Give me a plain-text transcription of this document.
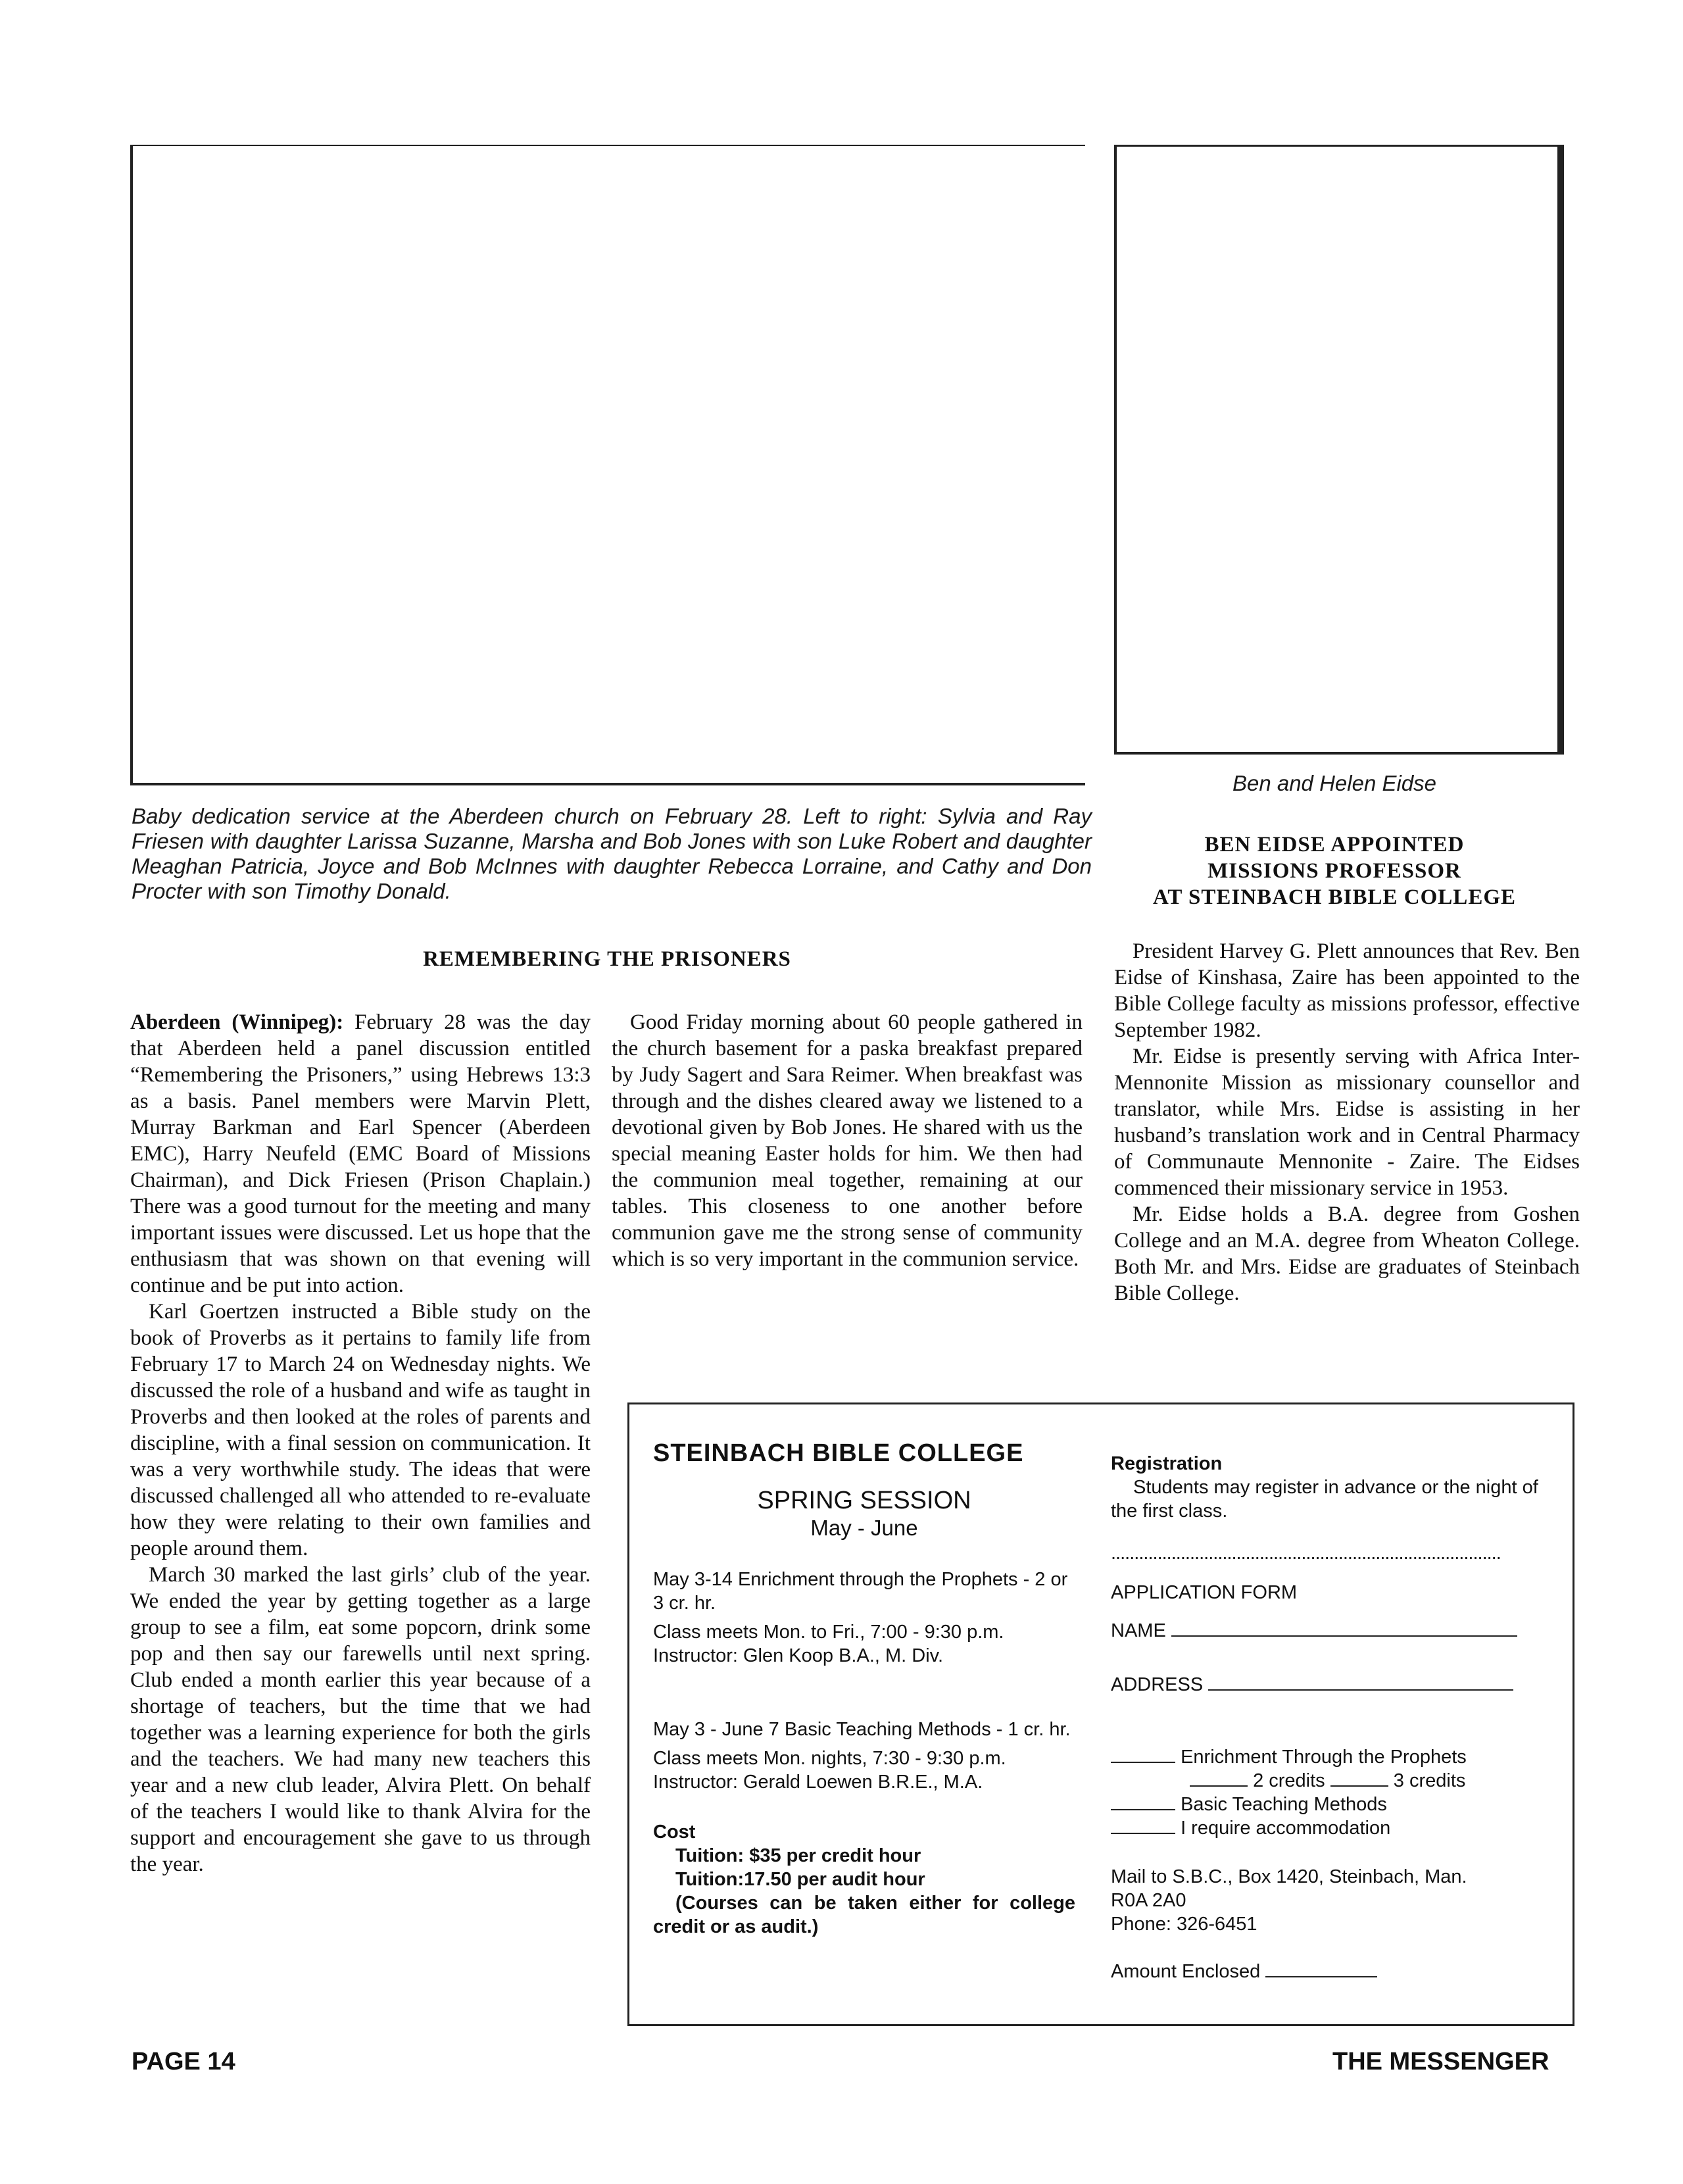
Baby dedication service at the Aberdeen church on February 28. Left to right: Sylvia and Ray Friesen with daughter Larissa Suzanne, Marsha and Bob Jones with son Luke Robert and daughter Meaghan Patricia, Joyce and Bob McInnes with daughter Rebecca Lorraine, and Cathy and Don Procter with son Timothy Donald.
Ben and Helen Eidse
BEN EIDSE APPOINTED
MISSIONS PROFESSOR
AT STEINBACH BIBLE COLLEGE
REMEMBERING THE PRISONERS

Aberdeen (Winnipeg): February 28 was the day that Aberdeen held a panel discussion entitled “Remembering the Prisoners,” using Hebrews 13:3 as a basis. Panel members were Marvin Plett, Murray Barkman and Earl Spencer (Aberdeen EMC), Harry Neufeld (EMC Board of Missions Chairman), and Dick Friesen (Prison Chaplain.) There was a good turnout for the meeting and many important issues were discussed. Let us hope that the enthusiasm that was shown on that evening will continue and be put into action.

Karl Goertzen instructed a Bible study on the book of Proverbs as it pertains to family life from February 17 to March 24 on Wednesday nights. We discussed the role of a husband and wife as taught in Proverbs and then looked at the roles of parents and discipline, with a final session on communication. It was a very worthwhile study. The ideas that were discussed challenged all who attended to re-evaluate how they were relating to their own families and people around them.

March 30 marked the last girls’ club of the year. We ended the year by getting together as a large group to see a film, eat some popcorn, drink some pop and then say our farewells until next spring. Club ended a month earlier this year because of a shortage of teachers, but the time that we had together was a learning experience for both the girls and the teachers. We had many new teachers this year and a new club leader, Alvira Plett. On behalf of the teachers I would like to thank Alvira for the support and encouragement she gave to us through the year.

Good Friday morning about 60 people gathered in the church basement for a paska breakfast prepared by Judy Sagert and Sara Reimer. When breakfast was through and the dishes cleared away we listened to a devotional given by Bob Jones. He shared with us the special meaning Easter holds for him. We then had the communion meal together, remaining at our tables. This closeness to one another before communion gave me the strong sense of community which is so very important in the communion service.

President Harvey G. Plett announces that Rev. Ben Eidse of Kinshasa, Zaire has been appointed to the Bible College faculty as missions professor, effective September 1982.

Mr. Eidse is presently serving with Africa Inter-Mennonite Mission as missionary counsellor and translator, while Mrs. Eidse is assisting in her husband’s translation work and in Central Pharmacy of Communaute Mennonite - Zaire. The Eidses commenced their missionary service in 1953.

Mr. Eidse holds a B.A. degree from Goshen College and an M.A. degree from Wheaton College. Both Mr. and Mrs. Eidse are graduates of Steinbach Bible College.

STEINBACH BIBLE COLLEGE
SPRING SESSION
May - June
May 3-14 Enrichment through the Prophets - 2 or 3 cr. hr.
Class meets Mon. to Fri., 7:00 - 9:30 p.m.
Instructor: Glen Koop B.A., M. Div.
May 3 - June 7 Basic Teaching Methods - 1 cr. hr.
Class meets Mon. nights, 7:30 - 9:30 p.m.
Instructor: Gerald Loewen B.R.E., M.A.
Cost
Tuition: $35 per credit hour
Tuition:17.50 per audit hour
(Courses can be taken either for college credit or as audit.)
Registration
Students may register in advance or the night of the first class.
....................................................................................
APPLICATION FORM
NAME
ADDRESS
Enrichment Through the Prophets
2 credits	3 credits
Basic Teaching Methods
I require accommodation
Mail to S.B.C., Box 1420, Steinbach, Man.
R0A 2A0
Phone: 326-6451
Amount Enclosed
PAGE 14	THE MESSENGER
